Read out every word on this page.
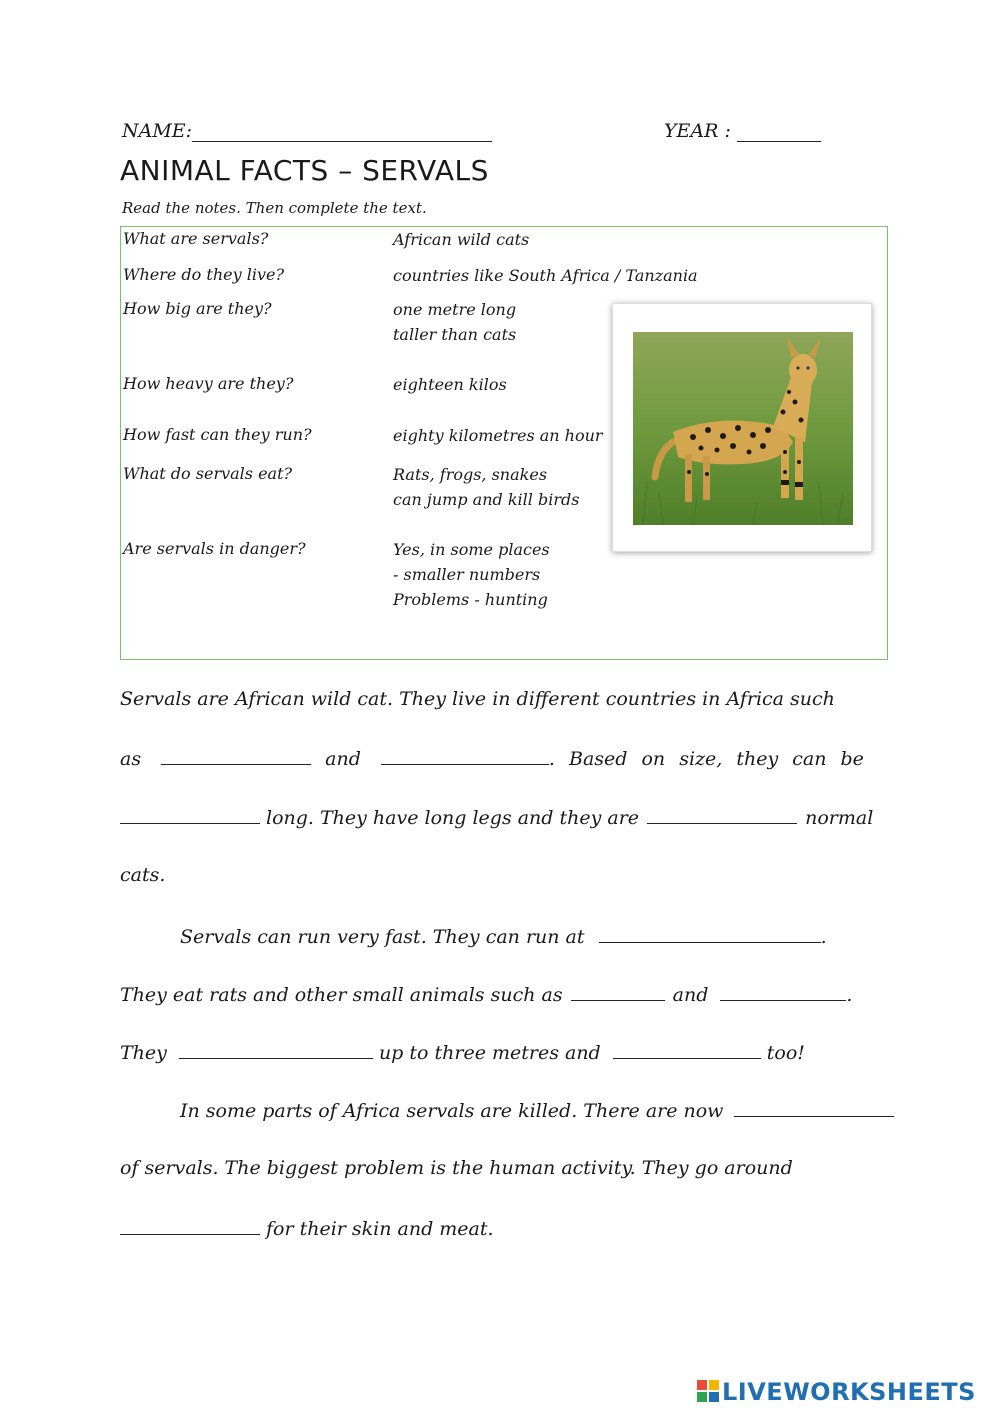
NAME:	YEAR :
ANIMAL FACTS – SERVALS
Read the notes. Then complete the text.
What are servals?	African wild cats
Where do they live?	countries like South Africa / Tanzania
How big are they?	one metre long
taller than cats
How heavy are they?	eighteen kilos
How fast can they run?	eighty kilometres an hour
What do servals eat?	Rats, frogs, snakes
can jump and kill birds
Are servals in danger?	Yes, in some places
- smaller numbers
Problems - hunting
Servals are African wild cat. They live in different countries in Africa such
as	and	. Based on size, they can be
long. They have long legs and they are	normal
cats.
Servals can run very fast. They can run at	.
They eat rats and other small animals such as	and	.
They	up to three metres and	too!
In some parts of Africa servals are killed. There are now
of servals. The biggest problem is the human activity. They go around
for their skin and meat.
LIVEWORKSHEETS
